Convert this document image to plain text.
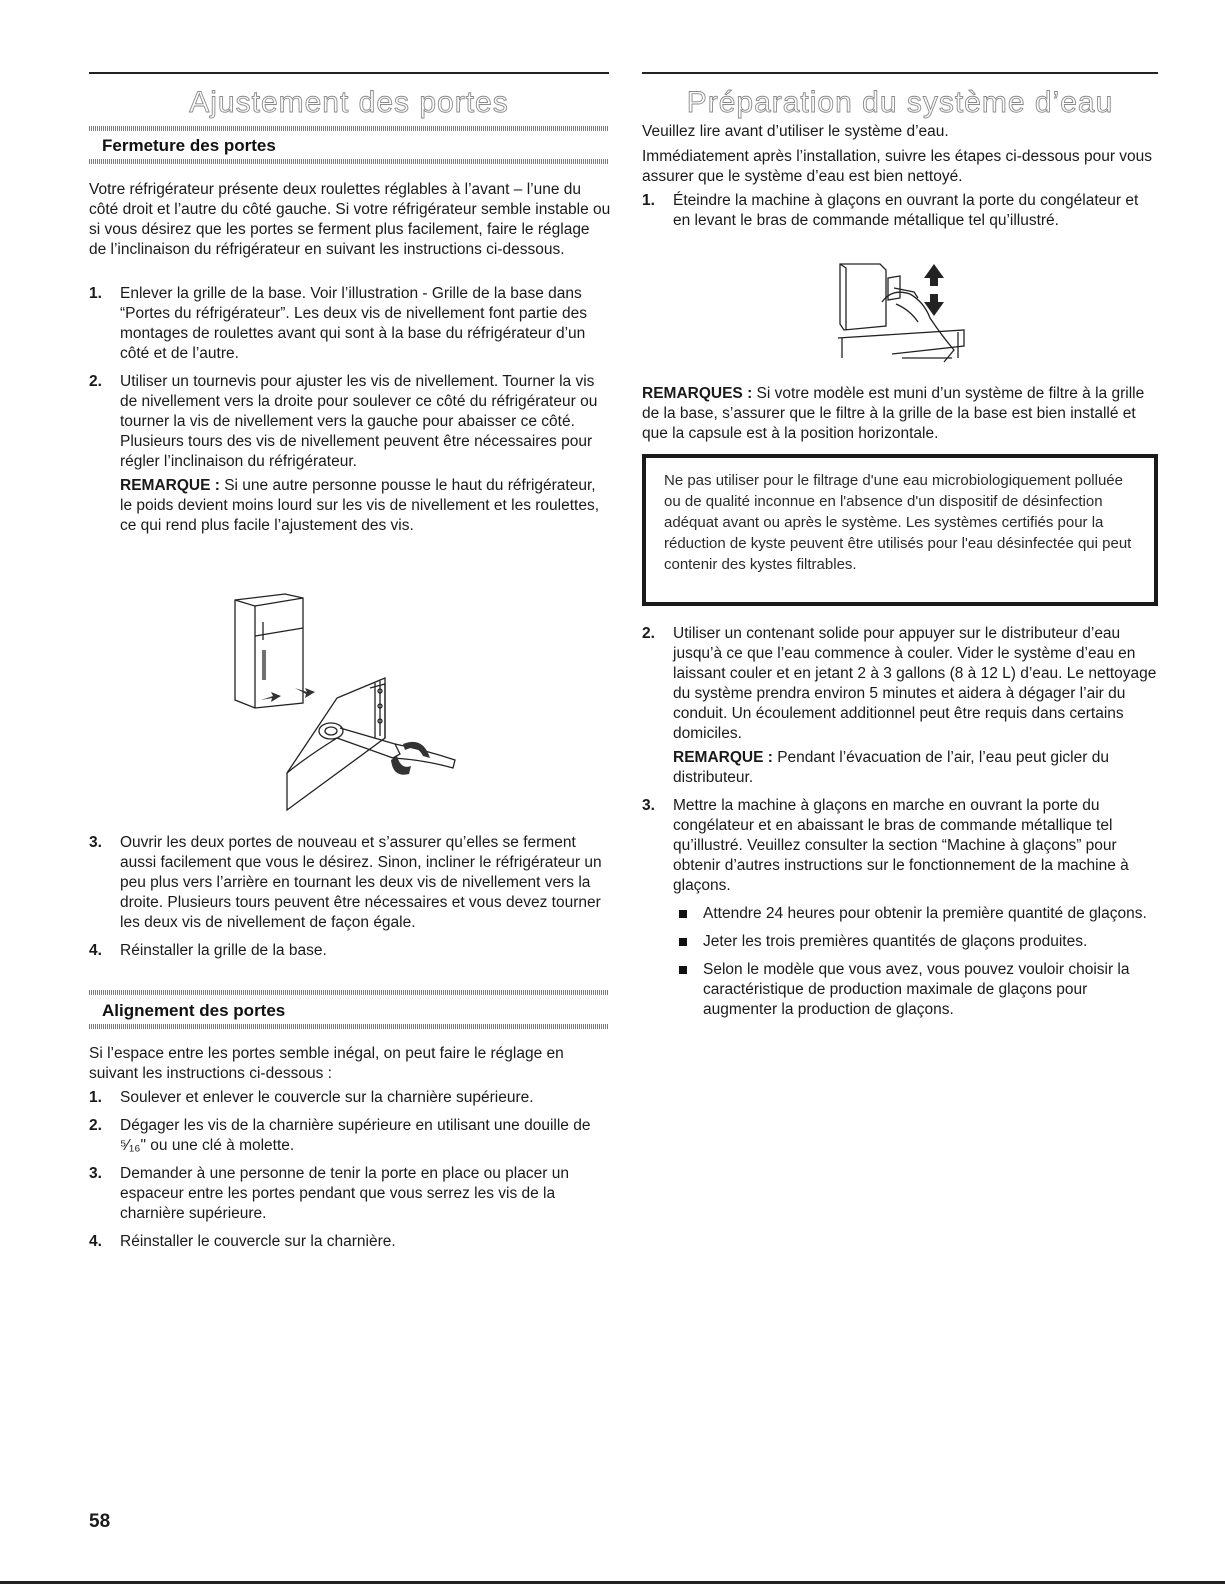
Ajustement des portes
Fermeture des portes

Votre réfrigérateur présente deux roulettes réglables à l’avant – l’une du côté droit et l’autre du côté gauche. Si votre réfrigérateur semble instable ou si vous désirez que les portes se ferment plus facilement, faire le réglage de l’inclinaison du réfrigérateur en suivant les instructions ci-dessous.

1. Enlever la grille de la base. Voir l’illustration - Grille de la base dans “Portes du réfrigérateur”. Les deux vis de nivellement font partie des montages de roulettes avant qui sont à la base du réfrigérateur d’un côté et de l’autre.
2. Utiliser un tournevis pour ajuster les vis de nivellement. Tourner la vis de nivellement vers la droite pour soulever ce côté du réfrigérateur ou tourner la vis de nivellement vers la gauche pour abaisser ce côté. Plusieurs tours des vis de nivellement peuvent être nécessaires pour régler l’inclinaison du réfrigérateur.
REMARQUE : Si une autre personne pousse le haut du réfrigérateur, le poids devient moins lourd sur les vis de nivellement et les roulettes, ce qui rend plus facile l’ajustement des vis.
3. Ouvrir les deux portes de nouveau et s’assurer qu’elles se ferment aussi facilement que vous le désirez. Sinon, incliner le réfrigérateur un peu plus vers l’arrière en tournant les deux vis de nivellement vers la droite. Plusieurs tours peuvent être nécessaires et vous devez tourner les deux vis de nivellement de façon égale.
4. Réinstaller la grille de la base.
Alignement des portes

Si l’espace entre les portes semble inégal, on peut faire le réglage en suivant les instructions ci-dessous :

1. Soulever et enlever le couvercle sur la charnière supérieure.
2. Dégager les vis de la charnière supérieure en utilisant une douille de ⁵⁄₁₆" ou une clé à molette.
3. Demander à une personne de tenir la porte en place ou placer un espaceur entre les portes pendant que vous serrez les vis de la charnière supérieure.
4. Réinstaller le couvercle sur la charnière.
Préparation du système d’eau

Veuillez lire avant d’utiliser le système d’eau.

Immédiatement après l’installation, suivre les étapes ci-dessous pour vous assurer que le système d’eau est bien nettoyé.

1. Éteindre la machine à glaçons en ouvrant la porte du congélateur et en levant le bras de commande métallique tel qu’illustré.

REMARQUES : Si votre modèle est muni d’un système de filtre à la grille de la base, s’assurer que le filtre à la grille de la base est bien installé et que la capsule est à la position horizontale.

Ne pas utiliser pour le filtrage d'une eau microbiologiquement polluée ou de qualité inconnue en l'absence d'un dispositif de désinfection adéquat avant ou après le système. Les systèmes certifiés pour la réduction de kyste peuvent être utilisés pour l'eau désinfectée qui peut contenir des kystes filtrables.
2. Utiliser un contenant solide pour appuyer sur le distributeur d’eau jusqu’à ce que l’eau commence à couler. Vider le système d’eau en laissant couler et en jetant 2 à 3 gallons (8 à 12 L) d’eau. Le nettoyage du système prendra environ 5 minutes et aidera à dégager l’air du conduit. Un écoulement additionnel peut être requis dans certains domiciles.
REMARQUE : Pendant l’évacuation de l’air, l’eau peut gicler du distributeur.
3. Mettre la machine à glaçons en marche en ouvrant la porte du congélateur et en abaissant le bras de commande métallique tel qu’illustré. Veuillez consulter la section “Machine à glaçons” pour obtenir d’autres instructions sur le fonctionnement de la machine à glaçons.
Attendre 24 heures pour obtenir la première quantité de glaçons.
Jeter les trois premières quantités de glaçons produites.
Selon le modèle que vous avez, vous pouvez vouloir choisir la caractéristique de production maximale de glaçons pour augmenter la production de glaçons.
58
